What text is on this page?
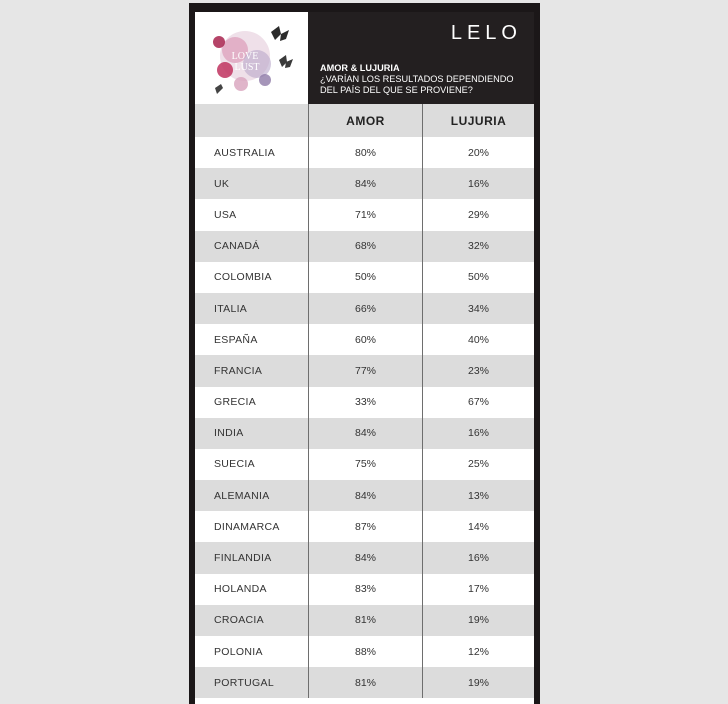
LOVE
LUST
LELO
AMOR & LUJURIA
¿VARÍAN LOS RESULTADOS DEPENDIENDO DEL PAÍS DEL QUE SE PROVIENE?
AMOR	LUJURIA
AUSTRALIA	80%	20%
UK	84%	16%
USA	71%	29%
CANADÁ	68%	32%
COLOMBIA	50%	50%
ITALIA	66%	34%
ESPAÑA	60%	40%
FRANCIA	77%	23%
GRECIA	33%	67%
INDIA	84%	16%
SUECIA	75%	25%
ALEMANIA	84%	13%
DINAMARCA	87%	14%
FINLANDIA	84%	16%
HOLANDA	83%	17%
CROACIA	81%	19%
POLONIA	88%	12%
PORTUGAL	81%	19%
